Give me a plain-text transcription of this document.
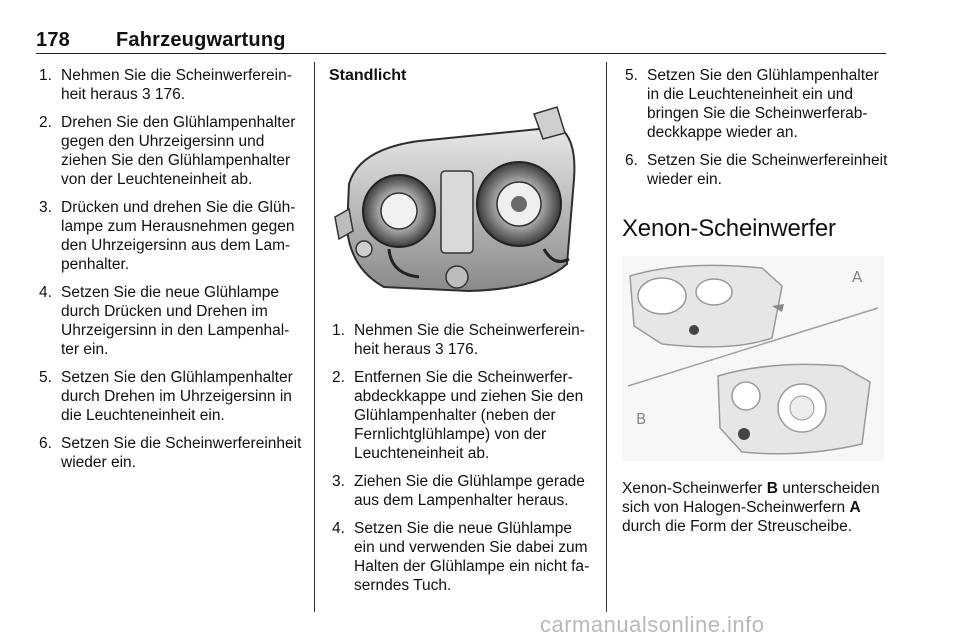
178 Fahrzeugwartung
1. Nehmen Sie die Scheinwerfereinheit heraus 3 176.
2. Drehen Sie den Glühlampenhalter gegen den Uhrzeigersinn und ziehen Sie den Glühlampenhalter von der Leuchteneinheit ab.
3. Drücken und drehen Sie die Glühlampe zum Herausnehmen gegen den Uhrzeigersinn aus dem Lampenhalter.
4. Setzen Sie die neue Glühlampe durch Drücken und Drehen im Uhrzeigersinn in den Lampenhalter ein.
5. Setzen Sie den Glühlampenhalter durch Drehen im Uhrzeigersinn in die Leuchteneinheit ein.
6. Setzen Sie die Scheinwerfereinheit wieder ein.
Standlicht
1. Nehmen Sie die Scheinwerfereinheit heraus 3 176.
2. Entfernen Sie die Scheinwerferabdeckkappe und ziehen Sie den Glühlampenhalter (neben der Fernlichtglühlampe) von der Leuchteneinheit ab.
3. Ziehen Sie die Glühlampe gerade aus dem Lampenhalter heraus.
4. Setzen Sie die neue Glühlampe ein und verwenden Sie dabei zum Halten der Glühlampe ein nicht faserndes Tuch.
5. Setzen Sie den Glühlampenhalter in die Leuchteneinheit ein und bringen Sie die Scheinwerferabdeckkappe wieder an.
6. Setzen Sie die Scheinwerfereinheit wieder ein.
Xenon-Scheinwerfer
A
B
Xenon-Scheinwerfer B unterscheiden sich von Halogen-Scheinwerfern A durch die Form der Streuscheibe.
carmanualsonline.info
